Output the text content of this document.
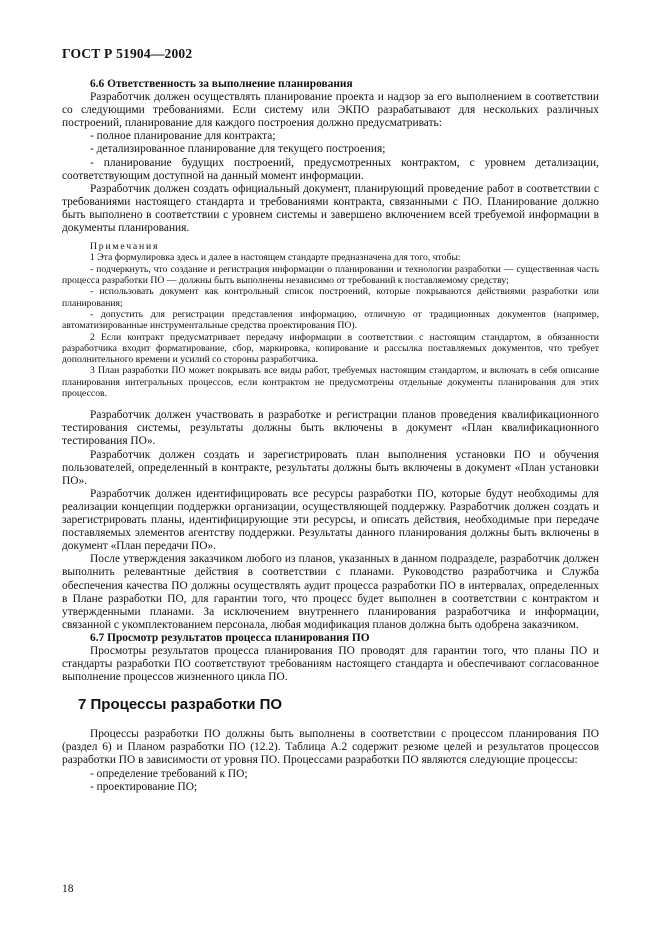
ГОСТ Р 51904—2002

6.6 Ответственность за выполнение планирования

Разработчик должен осуществлять планирование проекта и надзор за его выполнением в соответствии со следующими требованиями. Если систему или ЭКПО разрабатывают для нескольких различных построений, планирование для каждого построения должно предусматривать:

- полное планирование для контракта;

- детализированное планирование для текущего построения;

- планирование будущих построений, предусмотренных контрактом, с уровнем детализации, соответствующим доступной на данный момент информации.

Разработчик должен создать официальный документ, планирующий проведение работ в соответствии с требованиями настоящего стандарта и требованиями контракта, связанными с ПО. Планирование должно быть выполнено в соответствии с уровнем системы и завершено включением всей требуемой информации в документы планирования.

Примечания

1 Эта формулировка здесь и далее в настоящем стандарте предназначена для того, чтобы:

- подчеркнуть, что создание и регистрация информации о планировании и технологии разработки — существенная часть процесса разработки ПО — должны быть выполнены независимо от требований к поставляемому средству;

- использовать документ как контрольный список построений, которые покрываются действиями разработки или планирования;

- допустить для регистрации представления информацию, отличную от традиционных документов (например, автоматизированные инструментальные средства проектирования ПО).

2 Если контракт предусматривает передачу информации в соответствии с настоящим стандартом, в обязанности разработчика входит форматирование, сбор, маркировка, копирование и рассылка поставляемых документов, что требует дополнительного времени и усилий со стороны разработчика.

3 План разработки ПО может покрывать все виды работ, требуемых настоящим стандартом, и включать в себя описание планирования интегральных процессов, если контрактом не предусмотрены отдельные документы планирования для этих процессов.

Разработчик должен участвовать в разработке и регистрации планов проведения квалификационного тестирования системы, результаты должны быть включены в документ «План квалификационного тестирования ПО».

Разработчик должен создать и зарегистрировать план выполнения установки ПО и обучения пользователей, определенный в контракте, результаты должны быть включены в документ «План установки ПО».

Разработчик должен идентифицировать все ресурсы разработки ПО, которые будут необходимы для реализации концепции поддержки организации, осуществляющей поддержку. Разработчик должен создать и зарегистрировать планы, идентифицирующие эти ресурсы, и описать действия, необходимые при передаче поставляемых элементов агентству поддержки. Результаты данного планирования должны быть включены в документ «План передачи ПО».

После утверждения заказчиком любого из планов, указанных в данном подразделе, разработчик должен выполнить релевантные действия в соответствии с планами. Руководство разработчика и Служба обеспечения качества ПО должны осуществлять аудит процесса разработки ПО в интервалах, определенных в Плане разработки ПО, для гарантии того, что процесс будет выполнен в соответствии с контрактом и утвержденными планами. За исключением внутреннего планирования разработчика и информации, связанной с укомплектованием персонала, любая модификация планов должна быть одобрена заказчиком.

6.7 Просмотр результатов процесса планирования ПО

Просмотры результатов процесса планирования ПО проводят для гарантии того, что планы ПО и стандарты разработки ПО соответствуют требованиям настоящего стандарта и обеспечивают согласованное выполнение процессов жизненного цикла ПО.

7 Процессы разработки ПО

Процессы разработки ПО должны быть выполнены в соответствии с процессом планирования ПО (раздел 6) и Планом разработки ПО (12.2). Таблица А.2 содержит резюме целей и результатов процессов разработки ПО в зависимости от уровня ПО. Процессами разработки ПО являются следующие процессы:

- определение требований к ПО;

- проектирование ПО;

18
